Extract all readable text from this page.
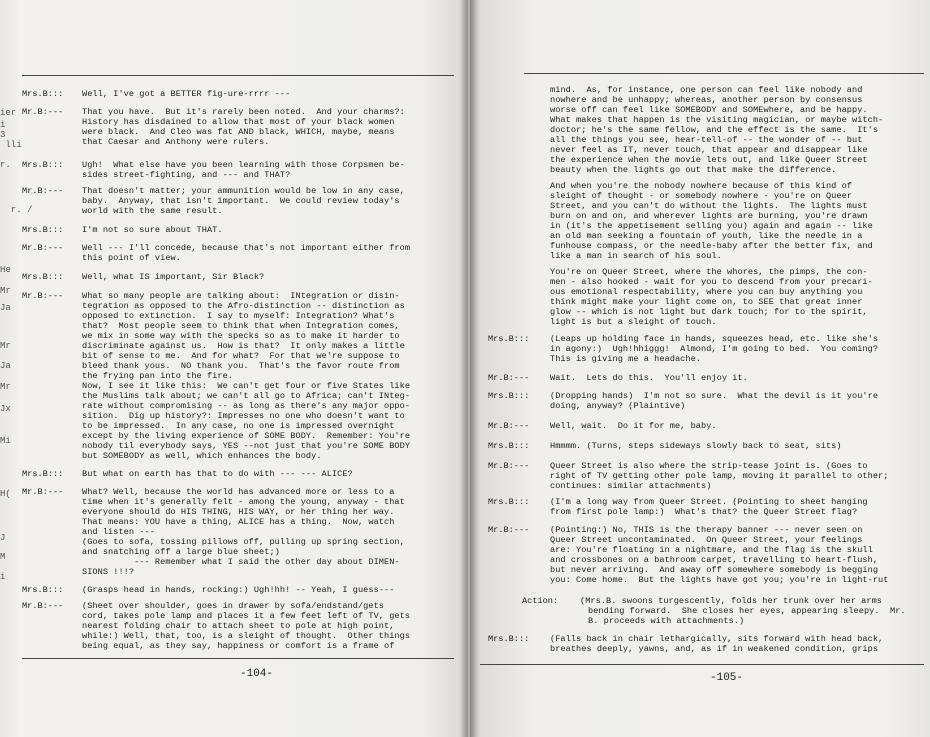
ier
i
3
lli
r.
r. /
He
Mr
Ja
Mr
Ja
Mr
Jx
Mi
H(
J
M
i
Mrs.B::: Well, I've got a BETTER fig-ure-rrrr ---
Mr.B:--- That you have.  But it's rarely been noted.  And your charms?:
History has disdained to allow that most of your black women
were black.  And Cleo was fat AND black, WHICH, maybe, means
that Caesar and Anthony were rulers.
Mrs.B::: Ugh!  What else have you been learning with those Corpsmen be-
sides street-fighting, and --- and THAT?
Mr.B:--- That doesn't matter; your ammunition would be low in any case,
baby.  Anyway, that isn't important.  We could review today's
world with the same result.
Mrs.B::: I'm not so sure about THAT.
Mr.B:--- Well --- I'll concede, because that's not important either from
this point of view.
Mrs.B::: Well, what IS important, Sir Black?
Mr.B:--- What so many people are talking about:  INtegration or disin-
tegration as opposed to the Afro-distinction -- distinction as
opposed to extinction.  I say to myself: Integration? What's
that?  Most people seem to think that when Integration comes,
we mix in some way with the specks so as to make it harder to
discriminate against us.  How is that?  It only makes a little
bit of sense to me.  And for what?  For that we're suppose to
bleed thank yous.  NO thank you.  That's the favor route from
the frying pan into the fire.
Now, I see it like this:  We can't get four or five States like
the Muslims talk about; we can't all go to Africa; can't INteg-
rate without compromising -- as long as there's any major oppo-
sition.  Dig up history?: Impresses no one who doesn't want to
to be impressed.  In any case, no one is impressed overnight
except by the living experience of SOME BODY.  Remember: You're
nobody til everybody says, YES --not just that you're SOME BODY
but SOMEBODY as well, which enhances the body.
Mrs.B::: But what on earth has that to do with --- --- ALICE?
Mr.B:--- What? Well, because the world has advanced more or less to a
time when it's generally felt - among the young, anyway - that
everyone should do HIS THING, HIS WAY, or her thing her way.
That means: YOU have a thing, ALICE has a thing.  Now, watch
and listen ---
(Goes to sofa, tossing pillows off, pulling up spring section,
and snatching off a large blue sheet;)
--- Remember what I said the other day about DIMEN-
SIONS !!!?
Mrs.B::: (Grasps head in hands, rocking:) Ugh!hh! -- Yeah, I guess---
Mr.B:--- (Sheet over shoulder, goes in drawer by sofa/endstand/gets
cord, takes pole lamp and places it a few feet left of TV, gets
nearest folding chair to attach sheet to pole at high point,
while:) Well, that, too, is a sleight of thought.  Other things
being equal, as they say, happiness or comfort is a frame of
-104-
mind.  As, for instance, one person can feel like nobody and
nowhere and be unhappy; whereas, another person by consensus
worse off can feel like SOMEBODY and SOMEwhere, and be happy.
What makes that happen is the visiting magician, or maybe witch-
doctor; he's the same fellow, and the effect is the same.  It's
all the things you see, hear-tell-of -- the wonder of -- but
never feel as IT, never touch, that appear and disappear like
the experience when the movie lets out, and like Queer Street
beauty when the lights go out that make the difference.
And when you're the nobody nowhere because of this kind of
sleight of thought - or somebody nowhere - you're on Queer
Street, and you can't do without the lights.  The lights must
burn on and on, and wherever lights are burning, you're drawn
in (it's the appetisement selling you) again and again -- like
an old man seeking a fountain of youth, like the needle in a
funhouse compass, or the needle-baby after the better fix, and
like a man in search of his soul.
You're on Queer Street, where the whores, the pimps, the con-
men - also hooked - wait for you to descend from your precari-
ous emotional respectability, where you can buy anything you
think might make your light come on, to SEE that great inner
glow -- which is not light but dark touch; for to the spirit,
light is but a sleight of touch.
Mrs.B::: (Leaps up holding face in hands, squeezes head, etc. like she's
in agony:)  Ugh!hhiggg!  Almond, I'm going to bed.  You coming?
This is giving me a headache.
Mr.B:--- Wait.  Lets do this.  You'll enjoy it.
Mrs.B::: (Dropping hands)  I'm not so sure.  What the devil is it you're
doing, anyway? (Plaintive)
Mr.B:--- Well, wait.  Do it for me, baby.
Mrs.B::: Hmmmm. (Turns, steps sideways slowly back to seat, sits)
Mr.B:--- Queer Street is also where the strip-tease joint is. (Goes to
right of TV getting other pole lamp, moving it parallel to other;
continues: similar attachments)
Mrs.B::: (I'm a long way from Queer Street. (Pointing to sheet hanging
from first pole lamp:)  What's that? the Queer Street flag?
Mr.B:--- (Pointing:) No, THIS is the therapy banner --- never seen on
Queer Street uncontaminated.  On Queer Street, your feelings
are: You're floating in a nightmare, and the flag is the skull
and crossbones on a bathroom carpet, travelling to heart-flush,
but never arriving.  And away off somewhere somebody is begging
you: Come home.  But the lights have got you; you're in light-rut
Action:	(Mrs.B. swoons turgescently, folds her trunk over her arms
bending forward.  She closes her eyes, appearing sleepy.  Mr.
B. proceeds with attachments.)
Mrs.B::: (Falls back in chair lethargically, sits forward with head back,
breathes deeply, yawns, and, as if in weakened condition, grips
-105-
